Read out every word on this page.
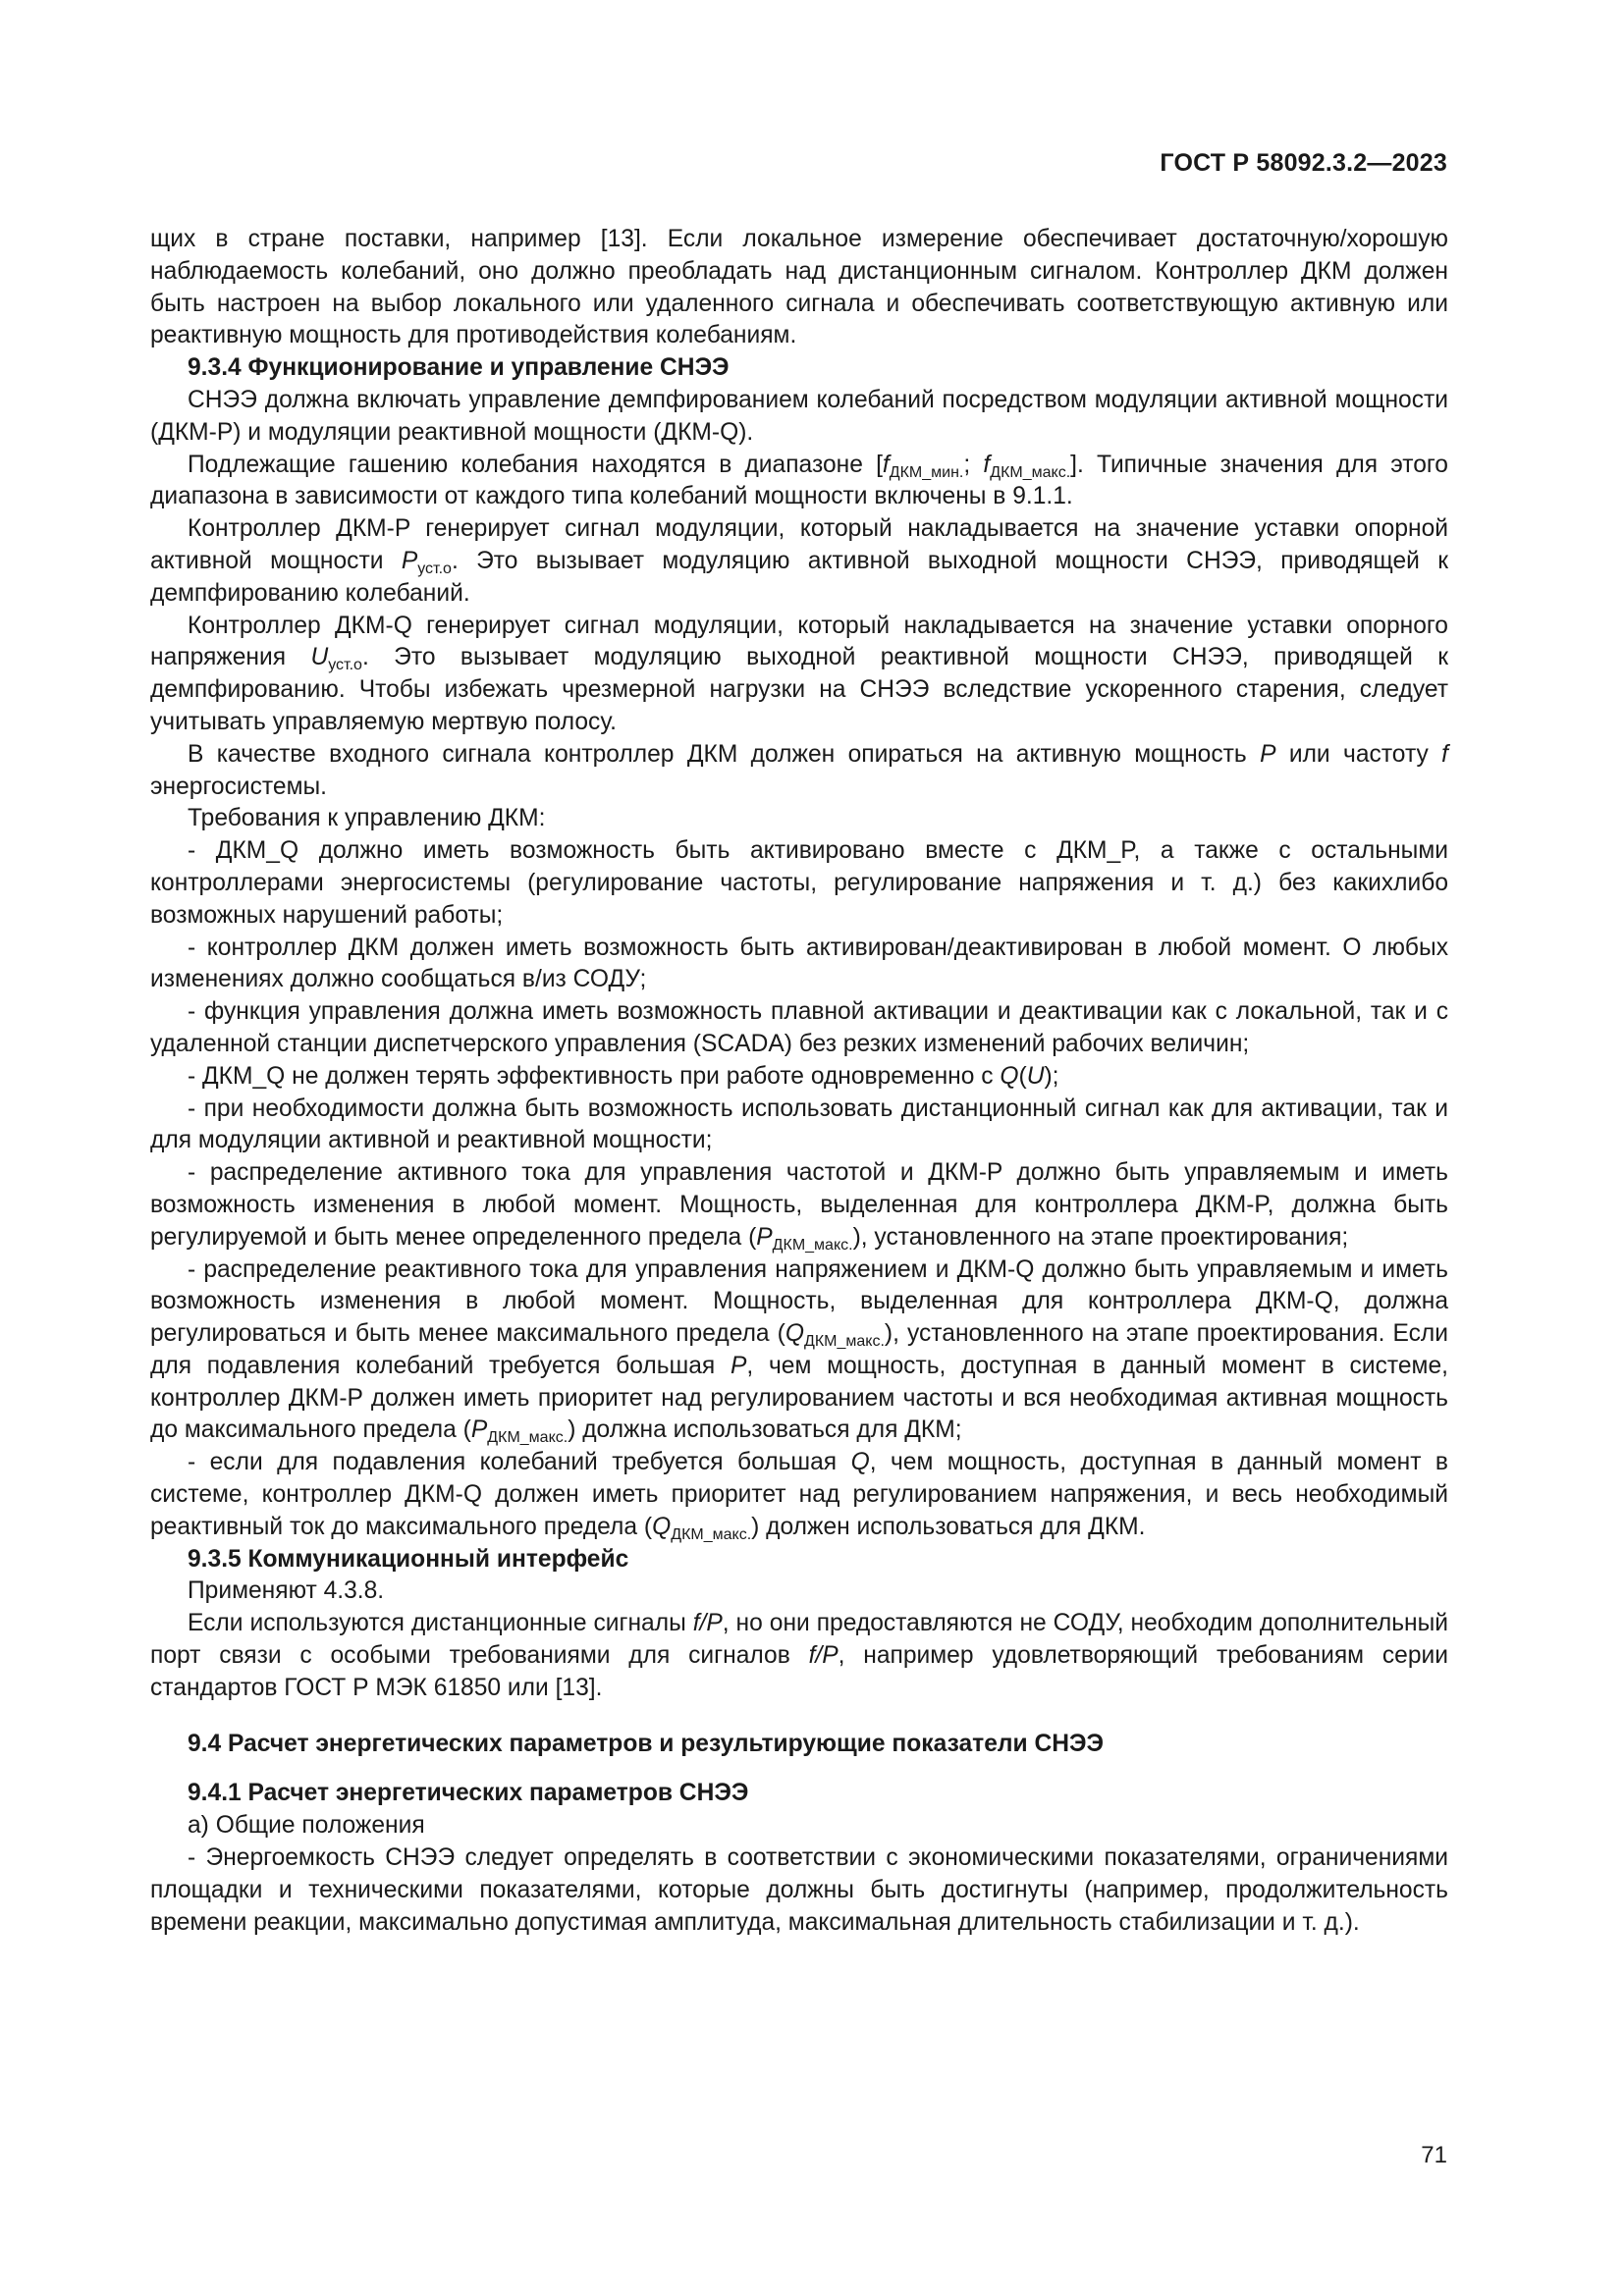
ГОСТ Р 58092.3.2—2023

щих в стране поставки, например [13]. Если локальное измерение обеспечивает достаточную/хорошую наблюдаемость колебаний, оно должно преобладать над дистанционным сигналом. Контроллер ДКМ должен быть настроен на выбор локального или удаленного сигнала и обеспечивать соответствующую активную или реактивную мощность для противодействия колебаниям.

9.3.4 Функционирование и управление СНЭЭ

СНЭЭ должна включать управление демпфированием колебаний посредством модуляции активной мощности (ДКМ-P) и модуляции реактивной мощности (ДКМ-Q).

Подлежащие гашению колебания находятся в диапазоне [$f_{ДКМ\_мин.}$; $f_{ДКМ\_макс.}$]. Типичные значения для этого диапазона в зависимости от каждого типа колебаний мощности включены в 9.1.1.

Контроллер ДКМ-P генерирует сигнал модуляции, который накладывается на значение уставки опорной активной мощности $P_{уст.о}$. Это вызывает модуляцию активной выходной мощности СНЭЭ, приводящей к демпфированию колебаний.

Контроллер ДКМ-Q генерирует сигнал модуляции, который накладывается на значение уставки опорного напряжения $U_{уст.о}$. Это вызывает модуляцию выходной реактивной мощности СНЭЭ, приводящей к демпфированию. Чтобы избежать чрезмерной нагрузки на СНЭЭ вследствие ускоренного старения, следует учитывать управляемую мертвую полосу.

В качестве входного сигнала контроллер ДКМ должен опираться на активную мощность P или частоту f энергосистемы.

Требования к управлению ДКМ:

- ДКМ_Q должно иметь возможность быть активировано вместе с ДКМ_P, а также с остальными контроллерами энергосистемы (регулирование частоты, регулирование напряжения и т. д.) без какихлибо возможных нарушений работы;

- контроллер ДКМ должен иметь возможность быть активирован/деактивирован в любой момент. О любых изменениях должно сообщаться в/из СОДУ;

- функция управления должна иметь возможность плавной активации и деактивации как с локальной, так и с удаленной станции диспетчерского управления (SCADA) без резких изменений рабочих величин;

- ДКМ_Q не должен терять эффективность при работе одновременно с Q(U);

- при необходимости должна быть возможность использовать дистанционный сигнал как для активации, так и для модуляции активной и реактивной мощности;

- распределение активного тока для управления частотой и ДКМ-P должно быть управляемым и иметь возможность изменения в любой момент. Мощность, выделенная для контроллера ДКМ-P, должна быть регулируемой и быть менее определенного предела $(P_{ДКМ\_макс.})$, установленного на этапе проектирования;

- распределение реактивного тока для управления напряжением и ДКМ-Q должно быть управляемым и иметь возможность изменения в любой момент. Мощность, выделенная для контроллера ДКМ-Q, должна регулироваться и быть менее максимального предела $(Q_{ДКМ\_макс.})$, установленного на этапе проектирования. Если для подавления колебаний требуется большая P, чем мощность, доступная в данный момент в системе, контроллер ДКМ-P должен иметь приоритет над регулированием частоты и вся необходимая активная мощность до максимального предела $(P_{ДКМ\_макс.})$ должна использоваться для ДКМ;

- если для подавления колебаний требуется большая Q, чем мощность, доступная в данный момент в системе, контроллер ДКМ-Q должен иметь приоритет над регулированием напряжения, и весь необходимый реактивный ток до максимального предела $(Q_{ДКМ\_макс.})$ должен использоваться для ДКМ.

9.3.5 Коммуникационный интерфейс

Применяют 4.3.8.

Если используются дистанционные сигналы f/P, но они предоставляются не СОДУ, необходим дополнительный порт связи с особыми требованиями для сигналов f/P, например удовлетворяющий требованиям серии стандартов ГОСТ Р МЭК 61850 или [13].

9.4 Расчет энергетических параметров и результирующие показатели СНЭЭ
9.4.1 Расчет энергетических параметров СНЭЭ

а) Общие положения

- Энергоемкость СНЭЭ следует определять в соответствии с экономическими показателями, ограничениями площадки и техническими показателями, которые должны быть достигнуты (например, продолжительность времени реакции, максимально допустимая амплитуда, максимальная длительность стабилизации и т. д.).

71
